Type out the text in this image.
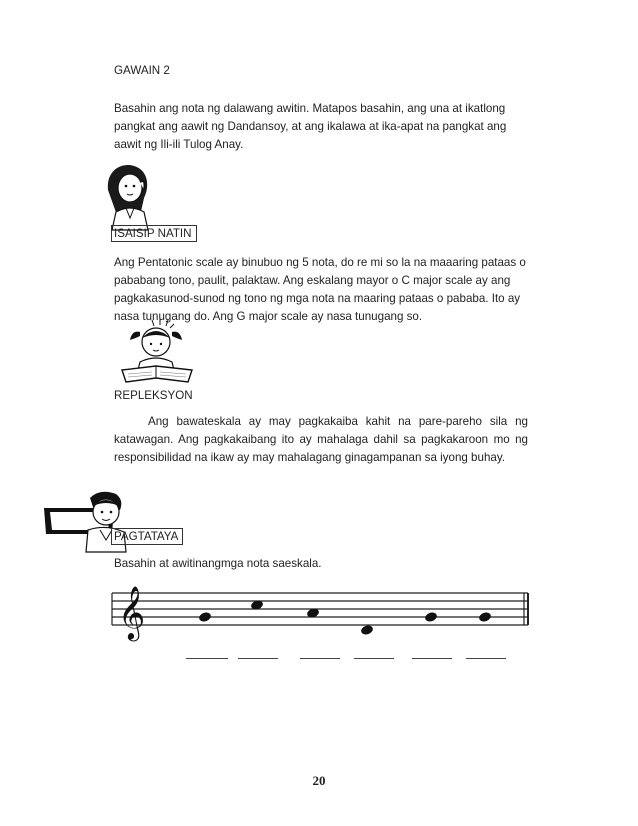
GAWAIN 2
Basahin ang nota ng dalawang awitin. Matapos basahin, ang una at ikatlong pangkat ang aawit ng Dandansoy, at ang ikalawa at ika-apat na pangkat ang aawit ng Ili-ili Tulog Anay.
ISAISIP NATIN
Ang Pentatonic scale ay binubuo ng 5 nota, do re mi so la na maaaring pataas o pababang tono, paulit, palaktaw. Ang eskalang mayor o C major scale ay ang pagkakasunod-sunod ng tono ng mga nota na maaring pataas o pababa. Ito ay nasa tunugang do. Ang G major scale ay nasa tunugang so.
REPLEKSYON
Ang bawateskala ay may pagkakaiba kahit na pare-pareho sila ng katawagan. Ang pagkakaibang ito ay mahalaga dahil sa pagkakaroon mo ng responsibilidad na ikaw ay may mahalagang ginagampanan sa iyong buhay.
PAGTATAYA
Basahin at awitinangmga nota saeskala.
𝄞
20
